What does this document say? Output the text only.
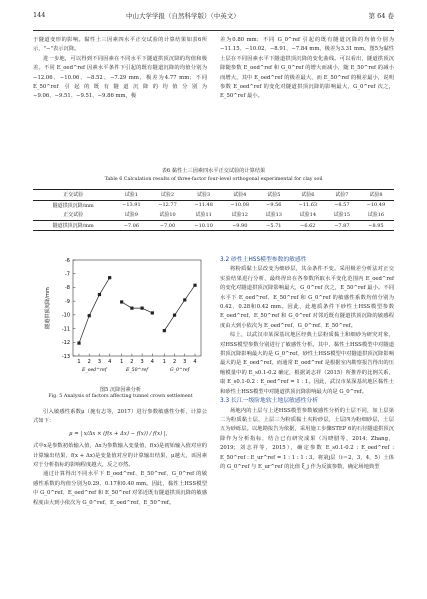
144	中山大学学报（自然科学版）（中英文）	第 64 卷

于隧道变形的影响。黏性土三因素四水平正交试验的计算结果如表6所示，"−"表示沉降。

进一步地，可以得到不同因素在不同水平下隧道拱顶沉降的均值和极差。不同 E_oed^ref 因素水平条件下引起的既有隧道沉降的均值分别为−12.06、−10.06、−8.52、−7.29 mm，极差为4.77 mm；不同 E_50^ref 引起的既有隧道沉降的均值分别为−9.06、−9.51、−9.51、−9.86 mm，极

差为0.80 mm；不同 G_0^ref 引起的既有隧道沉降的均值分别为−11.15、−10.02、−8.91、−7.84 mm，极差为3.31 mm。图5为黏性土层在不同因素水平下隧道拱顶沉降的变化曲线。可以看出，隧道拱顶沉降随参数 E_oed^ref 和 G_0^ref 的增大而减小，随 E_50^ref 的减小而增大，其中 E_oed^ref 的极差最大，而 E_50^ref 的极差最小，说明参数 E_oed^ref 的变化对隧道拱顶沉降的影响最大，G_0^ref 次之，E_50^ref 最小。

表6 黏性土三因素四水平正交试验的计算结果
Table 6 Calculation results of three-factor four-level orthogonal experimental for clay soil
正交试验	试验1	试验2	试验3	试验4	试验5	试验6	试验7	试验8
隧道拱顶沉降/mm	−13.91	−12.77	−11.48	−10.08	−9.56	−11.63	−8.57	−10.49
正交试验	试验9	试验10	试验11	试验12	试验13	试验14	试验15	试验16
隧道拱顶沉降/mm	−7.06	−7.00	−10.10	−9.90	−5.71	−6.62	−7.87	−8.95
-6
-7
-8
-9
-10
-11
-12
-13
隧道拱顶沉降/mm
1 2 3 4
E_oed^ref
1 2 3 4
E_50^ref
1 2 3 4
G_0^ref
图5 沉降因素分析
Fig. 5 Analysis of factors affecting tunnel crown settlement

引入敏感性系数μ（施有志等，2017）进行参数敏感性分析，计算公式如下：

μ = | x/Δx × (f(x + Δx) − f(x)) / f(x) |，

式中x是参数初始输入值，Δx为参数输入变量值，f(x)是初始输入值对应的计算输出结果，f(x + Δx)是变量值对应的计算输出结果，μ越大，该因素对于分析指标的影响程度越大，反之亦然。

通过计算得出不同水平下 E_oed^ref、E_50^ref、G_0^ref 的敏感性系数的均值分别为0.29、0.17和0.40 mm。因此，黏性土HSS模型中 G_0^ref、E_oed^ref 和 E_50^ref 对邻近既有隧道拱顶沉降的敏感程度由大到小依次为 G_0^ref、E_oed^ref、E_50^ref。

3.2 砂性土HSS模型参数的敏感性

将粉质黏土层改变为细砂层，其余条件不变。采用极差分析法对正交实验结果进行分析，最终得出在各参数所取水平变化范围内 E_oed^ref 的变化对隧道拱顶沉降影响最大，G_0^ref 次之，E_50^ref 最小。不同水平下 E_oed^ref、E_50^ref 和 G_0^ref 的敏感性系数均值分别为0.42、0.28和0.42 mm。因此，此地质条件下砂性土HSS模型参数 E_oed^ref、E_50^ref 和 G_0^ref 对邻近既有隧道拱顶沉降的敏感程度由大到小依次为 E_oed^ref、G_0^ref、E_50^ref。

综上，以武汉市某深基坑地区经典土层粉质黏土和细砂为研究对象，对HSS模型参数分别进行了敏感性分析。其中，黏性土HSS模型中对隧道拱顶沉降影响最大的是 G_0^ref，砂性土HSS模型中对隧道拱顶沉降影响最大的是 E_oed^ref。而通常 E_oed^ref 是根据室内勘察报告得出的压缩模量中的 E_s0.1-0.2 确定，根据刘志祥（2015）所推荐的比例关系，取 E_s0.1-0.2 : E_oed^ref = 1 : 1。因此，武汉市某深基坑地区黏性土和砂性土HSS模型中对隧道拱顶沉降影响最大的是 G_0^ref。

3.3 长江一级阶地软土地层敏感性分析

场地内的土层与上述HSS模型参数敏感性分析的土层不同，如上层第二为粉质黏土层，上层三为粉质黏土夹粉砂层，土层四为粉细砂层，土层五为砂砾层。以地勘报告为依据，采用施工步骤STEP 6的石径隧道拱顶沉降作为分析指标，结合已有研究成果（冯晓腊等，2014；Zhang，2019；刘志祥等，2015），确定参数 E_s0.1-0.2 : E_oed^ref : E_50^ref : E_ur^ref = 1 : 1 : 1 : 3。将第j层（i＝2，3，4，5）土体的 G_0^ref 与 E_ur^ref 的比值 ξ_j 作为反演参数，确定场地典型
